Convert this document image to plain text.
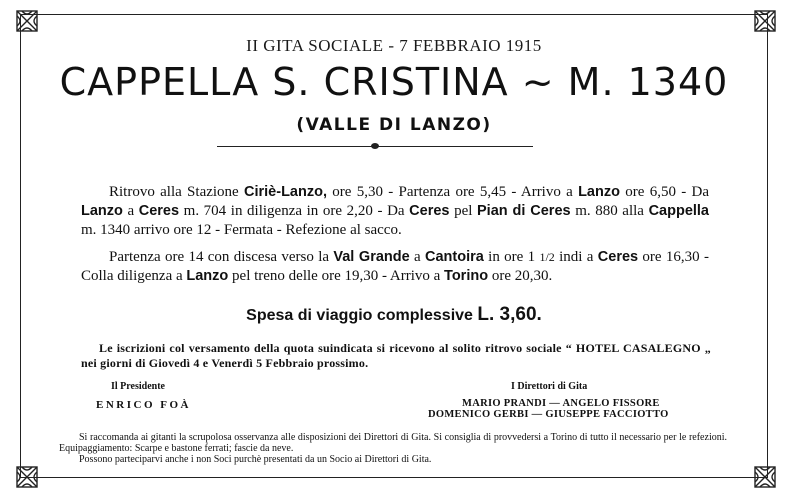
II GITA SOCIALE - 7 FEBBRAIO 1915
CAPPELLA S. CRISTINA ~ M. 1340
(VALLE DI LANZO)
Ritrovo alla Stazione Ciriè-Lanzo, ore 5,30 - Partenza ore 5,45 - Arrivo a Lanzo ore 6,50 - Da Lanzo a Ceres m. 704 in diligenza in ore 2,20 - Da Ceres pel Pian di Ceres m. 880 alla Cappella m. 1340 arrivo ore 12 - Fermata - Refezione al sacco.
Partenza ore 14 con discesa verso la Val Grande a Cantoira in ore 1 1/2 indi a Ceres ore 16,30 - Colla diligenza a Lanzo pel treno delle ore 19,30 - Arrivo a Torino ore 20,30.
Spesa di viaggio complessive L. 3,60.
Le iscrizioni col versamento della quota suindicata si ricevono al solito ritrovo sociale “ HOTEL CASALEGNO „ nei giorni di Giovedì 4 e Venerdì 5 Febbraio prossimo.
Il Presidente
ENRICO FOÀ
I Direttori di Gita
MARIO PRANDI — ANGELO FISSORE
DOMENICO GERBI — GIUSEPPE FACCIOTTO
Si raccomanda ai gitanti la scrupolosa osservanza alle disposizioni dei Direttori di Gita. Si consiglia di provvedersi a Torino di tutto il necessario per le refezioni. Equipaggiamento: Scarpe e bastone ferrati; fascie da neve.
Possono parteciparvi anche i non Soci purchè presentati da un Socio ai Direttori di Gita.
